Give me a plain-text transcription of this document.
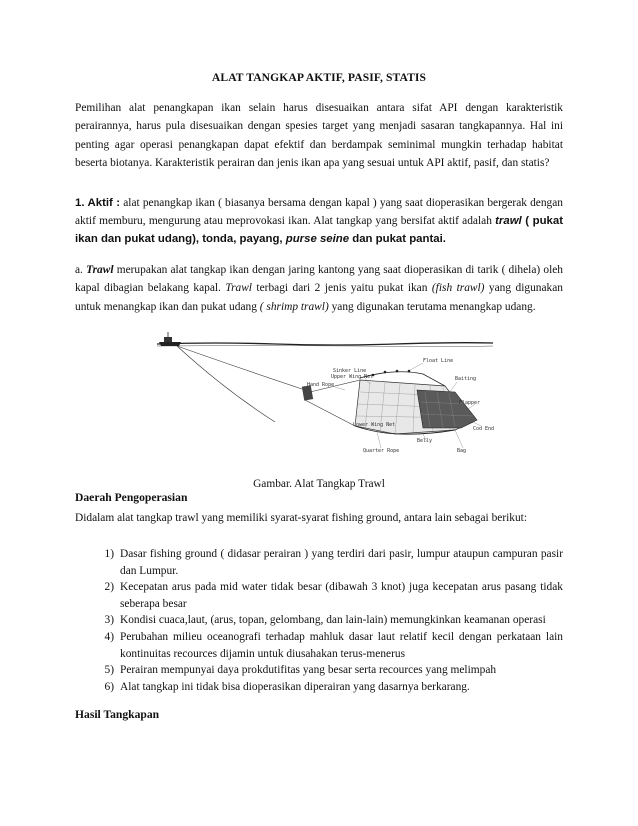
ALAT TANGKAP AKTIF, PASIF, STATIS
Pemilihan alat penangkapan ikan selain harus disesuaikan antara sifat API dengan karakteristik perairannya, harus pula disesuaikan dengan spesies target yang menjadi sasaran tangkapannya. Hal ini penting agar operasi penangkapan dapat efektif dan berdampak seminimal mungkin terhadap habitat beserta biotanya. Karakteristik perairan dan jenis ikan apa yang sesuai untuk API aktif, pasif, dan statis?
1. Aktif : alat penangkap ikan ( biasanya bersama dengan kapal ) yang saat dioperasikan bergerak dengan aktif memburu, mengurung atau meprovokasi ikan. Alat tangkap yang bersifat aktif adalah trawl ( pukat ikan dan pukat udang), tonda, payang, purse seine dan pukat pantai.
a. Trawl merupakan alat tangkap ikan dengan jaring kantong yang saat dioperasikan di tarik ( dihela) oleh kapal dibagian belakang kapal. Trawl terbagi dari 2 jenis yaitu pukat ikan (fish trawl) yang digunakan untuk menangkap ikan dan pukat udang ( shrimp trawl) yang digunakan terutama menangkap udang.
Float Line
Sinker Line
Upper Wing Net	Baiting
Hand Rope
Flapper
Cod End
Lower Wing Net
Belly
Bag
Quarter Rope
Gambar. Alat Tangkap Trawl
Daerah Pengoperasian
Didalam alat tangkap trawl yang memiliki syarat-syarat fishing ground, antara lain sebagai berikut:
1) Dasar fishing ground ( didasar perairan ) yang terdiri dari pasir, lumpur ataupun campuran pasir dan Lumpur.
2) Kecepatan arus pada mid water tidak besar (dibawah 3 knot) juga kecepatan arus pasang tidak seberapa besar
3) Kondisi cuaca,laut, (arus, topan, gelombang, dan lain-lain) memungkinkan keamanan operasi
4) Perubahan milieu oceanografi terhadap mahluk dasar laut relatif kecil dengan perkataan lain kontinuitas recources dijamin untuk diusahakan terus-menerus
5) Perairan mempunyai daya prokdutifitas yang besar serta recources yang melimpah
6) Alat tangkap ini tidak bisa dioperasikan diperairan yang dasarnya berkarang.
Hasil Tangkapan
